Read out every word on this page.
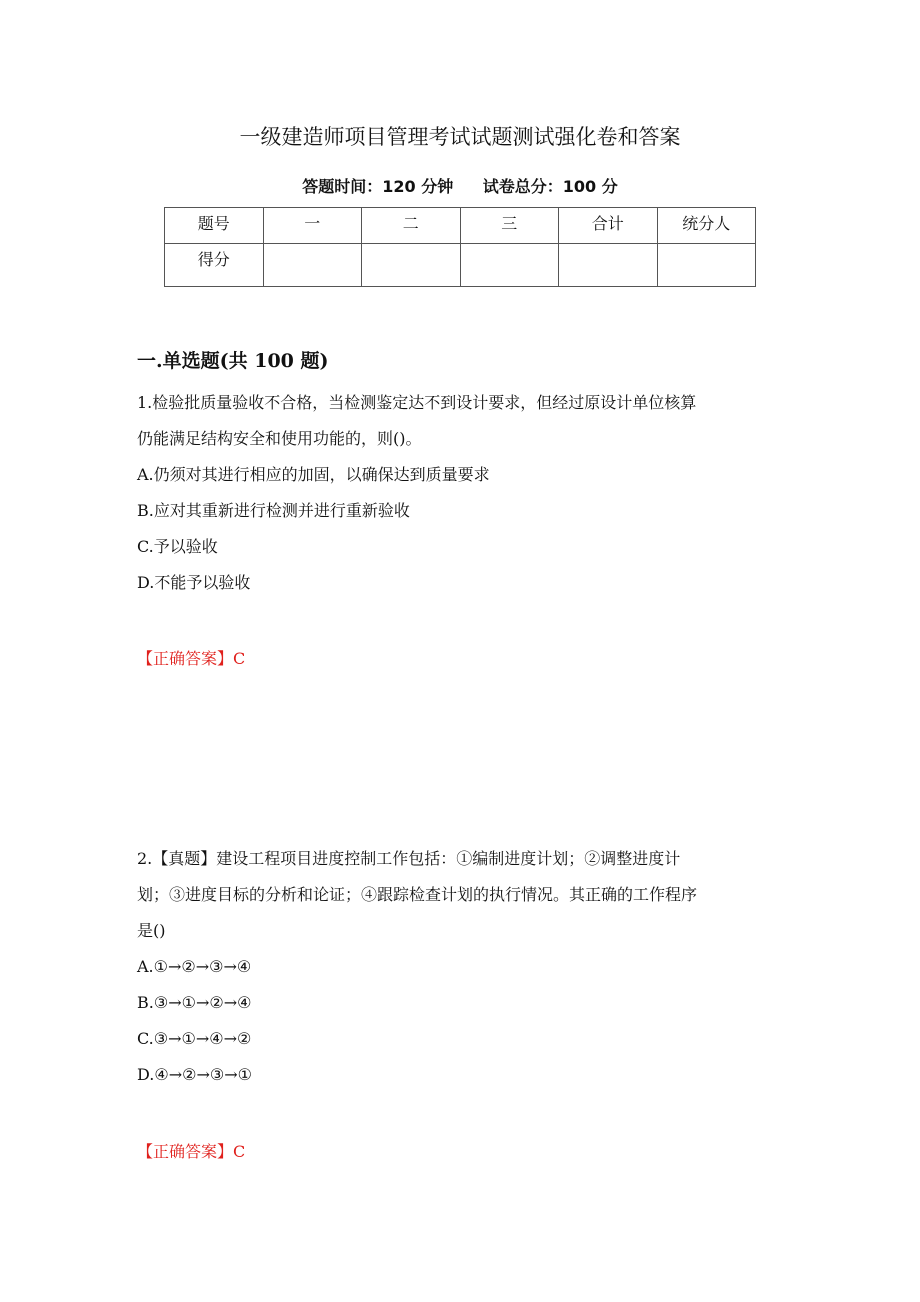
一级建造师项目管理考试试题测试强化卷和答案
答题时间：120 分钟 试卷总分：100 分
题号	一	二	三	合计	统分人
得分					
一.单选题(共 100 题)
1.检验批质量验收不合格，当检测鉴定达不到设计要求，但经过原设计单位核算
仍能满足结构安全和使用功能的，则()。
A.仍须对其进行相应的加固，以确保达到质量要求
B.应对其重新进行检测并进行重新验收
C.予以验收
D.不能予以验收
【正确答案】C
2.【真题】建设工程项目进度控制工作包括：①编制进度计划；②调整进度计
划；③进度目标的分析和论证；④跟踪检查计划的执行情况。其正确的工作程序
是()
A.①→②→③→④
B.③→①→②→④
C.③→①→④→②
D.④→②→③→①
【正确答案】C
